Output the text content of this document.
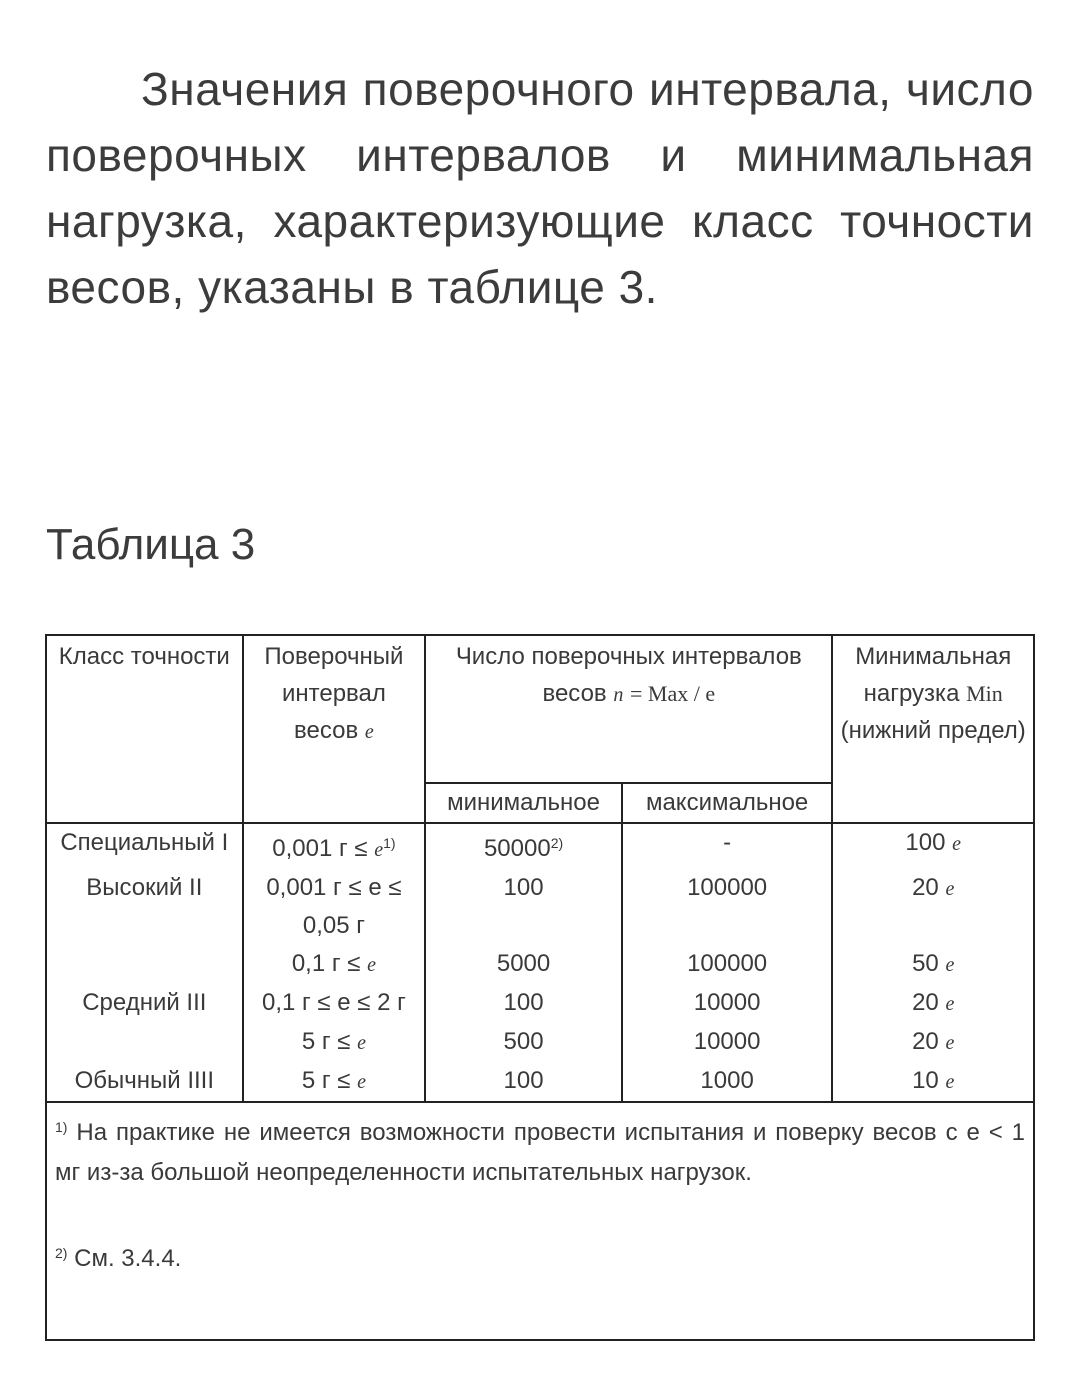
Значения поверочного интервала, число поверочных интервалов и минимальная нагрузка, характеризующие класс точности весов, указаны в таблице 3.

Таблица 3
Класс точности	Поверочный интервал весов e	Число поверочных интервалов весов n = Max / e		Минимальная нагрузка Min
(нижний предел)
		минимальное	максимальное	
Специальный I	0,001 $г \le e^{1)}$	50000$^{2)}$	-	100 e
Высокий II	0,001 г ≤ e ≤ 0,05 г	100	100000	20 e
	0,1 г ≤ e	5000	100000	50 e
Средний III	0,1 г ≤ e ≤ 2 г	100	10000	20 e
	5 г ≤ e	500	10000	20 e
Обычный IIII	5 г ≤ e	100	1000	10 e

$^{1)}$ На практике не имеется возможности провести испытания и поверку весов с e < 1 мг из-за большой неопределенности испытательных нагрузок.

$^{2)}$ См. 3.4.4.				
